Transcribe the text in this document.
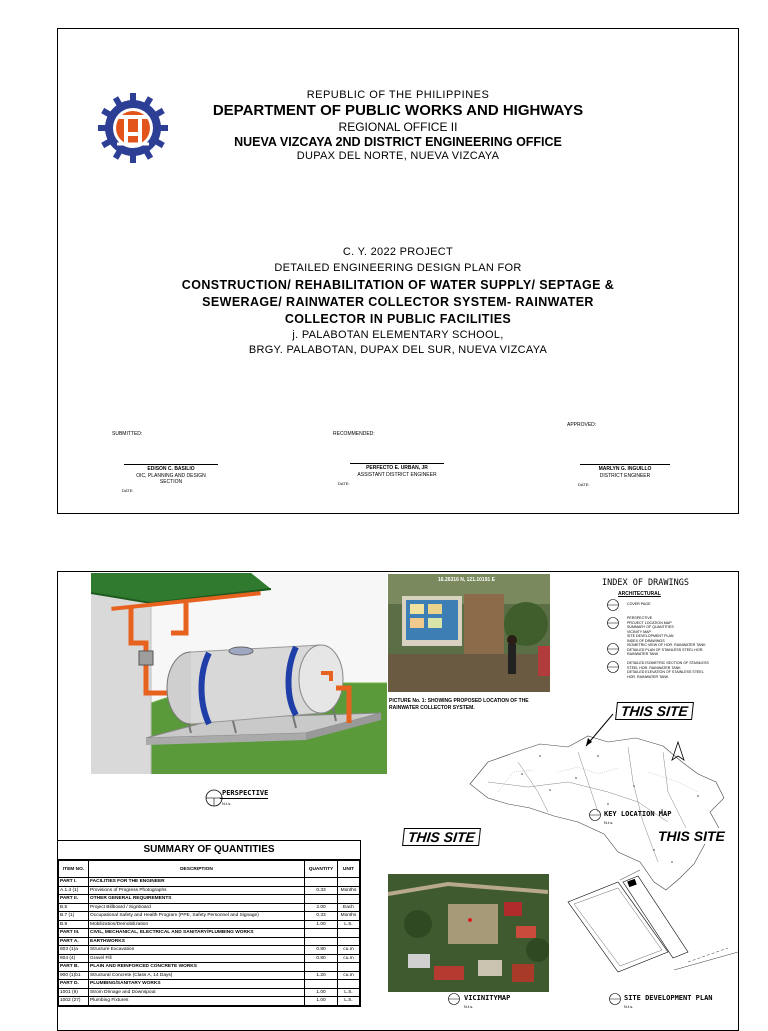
REPUBLIC OF THE PHILIPPINES
DEPARTMENT OF PUBLIC WORKS AND HIGHWAYS
REGIONAL OFFICE II
NUEVA VIZCAYA 2ND DISTRICT ENGINEERING OFFICE
DUPAX DEL NORTE, NUEVA VIZCAYA
C. Y. 2022 PROJECT
DETAILED ENGINEERING DESIGN PLAN FOR
CONSTRUCTION/ REHABILITATION OF WATER SUPPLY/ SEPTAGE &
SEWERAGE/ RAINWATER COLLECTOR SYSTEM- RAINWATER
COLLECTOR IN PUBLIC FACILITIES
j. PALABOTAN ELEMENTARY SCHOOL,
BRGY. PALABOTAN, DUPAX DEL SUR, NUEVA VIZCAYA
SUBMITTED:	RECOMMENDED:
APPROVED:
EDISON C. BASILIO
OIC, PLANNING AND DESIGN
SECTION
DATE:
PERFECTO E. URBAN, JR
ASSISTANT DISTRICT ENGINEER
DATE:
MARLYN G. INGUILLO
DISTRICT ENGINEER
DATE:
PERSPECTIVE
N.t.s.
16.26316 N, 121.10191 E
PICTURE No. 1: SHOWING PROPOSED LOCATION OF THE
RAINWATER COLLECTOR SYSTEM.
INDEX OF DRAWINGS
ARCHITECTURAL
COVER PAGE
PERSPECTIVE
PROJECT LOCATION MAP
SUMMARY OF QUANTITIES
VICINITY MAP
SITE DEVELOPMENT PLAN
INDEX OF DRAWINGS
ISOMETRIC VIEW OF HOR. RAINWATER TANK
DETAILED PLAN OF STAINLESS STEEL HOR.
RAINWATER TANK
DETAILED ISOMETRIC SECTION OF STAINLESS
STEEL HOR. RAINWATER TANK
DETAILED ELEVATION OF STAINLESS STEEL
HOR. RAINWATER TANK
THIS SITE
KEY LOCATION MAP
N.t.s.
THIS SITE
VICINITYMAP
N.t.s.
THIS SITE
SITE DEVELOPMENT PLAN
N.t.s.
SUMMARY OF QUANTITIES
ITEM NO.	DESCRIPTION	QUANTITY	UNIT
PART I.	FACILITIES FOR THE ENGINEER		
A.1.4 (1)	Provisions of Progress Photographs	0.33	Months
PART II.	OTHER GENERAL REQUIREMENTS		
B.5	Project Billboard / Signboard	2.00	Each
B.7 (1)	Occupational Safety and Health Program (PPE, Safety Personnel and Signage)	0.33	Months
B.9	Mobilization/Demobilization	1.00	L.S.
PART III.	CIVIL, MECHANICAL, ELECTRICAL AND SANITARY/PLUMBING WORKS		
PART A.	EARTHWORKS		
803 (1)a	Structure Excavation	0.80	cu.m
804 (4)	Gravel Fill	0.80	cu.m
PART B.	PLAIN AND REINFORCED CONCRETE WORKS		
900 (1)b1	Structural Concrete (Class A, 14 Days)	1.20	cu.m
PART D.	PLUMBING/SANITARY WORKS		
1001 (9)	Strom Drinage and Downspout	1.00	L.S.
1002 (27)	Plumbing Fixtures	1.00	L.S.
